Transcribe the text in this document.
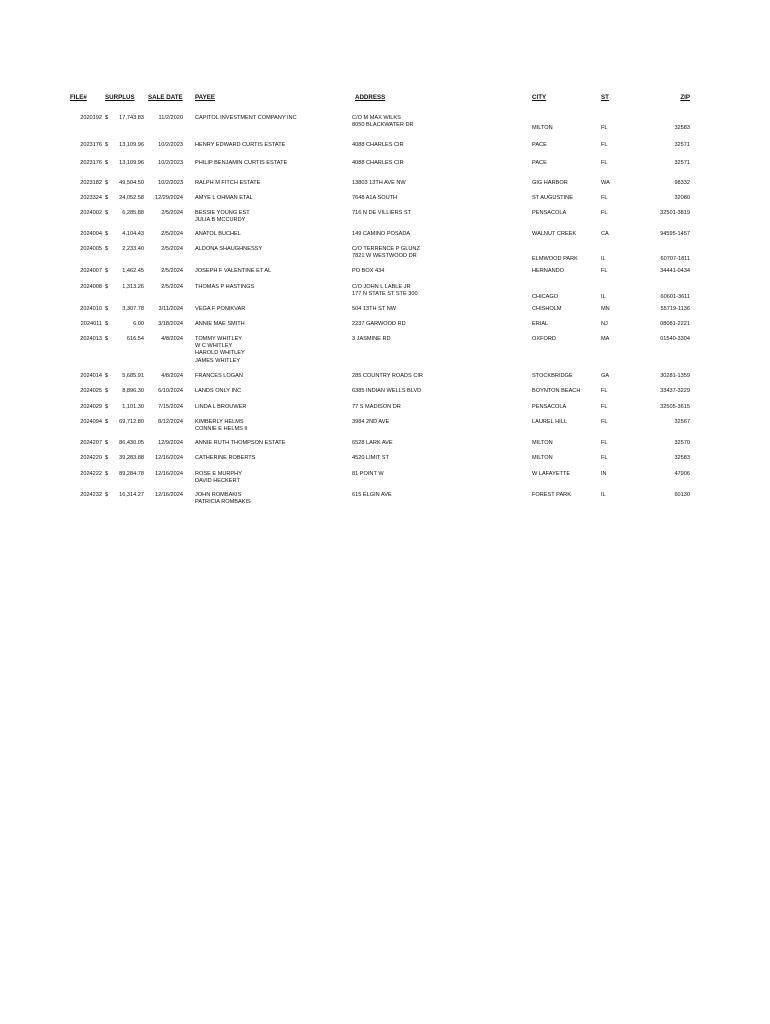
FILE#	SURPLUS SALE DATE PAYEE	ADDRESS	CITY	ST	ZIP
2020192 $	17,743.83	11/2/2020 CAPITOL INVESTMENT COMPANY INC	C/O M MAX WILKS
8050 BLACKWATER DR	MILTON	FL	32583
2023176 $	13,109.96	10/2/2023 HENRY EDWARD CURTIS ESTATE	4088 CHARLES CIR	PACE	FL	32571
2023176 $	13,109.96	10/2/2023 PHILIP BENJAMIN CURTIS ESTATE	4088 CHARLES CIR	PACE	FL	32571
2023182 $	49,504.50	10/2/2023 RALPH M FITCH ESTATE	13803 13TH AVE NW	GIG HARBOR	WA	98332
2023324 $	24,052.58	12/29/2024 AMYE L OHMAN ETAL	7648 A1A SOUTH	ST AUGUSTINE	FL	32080
2024002 $	6,285.88	2/5/2024 BESSIE YOUNG EST
JULIA B MCCURDY
716 N DE VILLIERS ST	PENSACOLA	FL	32501-3819
2024004 $	4,104.43	2/5/2024 ANATOL BUCHEL	149 CAMINO POSADA	WALNUT CREEK	CA	94595-1457
2024005 $	2,233.40	2/5/2024 ALDONA SHAUGHNESSY	C/O TERRENCE P GLUNZ
7821 W WESTWOOD DR	ELMWOOD PARK	IL	60707-1811
2024007 $	1,462.45	2/5/2024 JOSEPH F VALENTINE ET AL	PO BOX 434	HERNANDO	FL	34441-0434
2024008 $	1,313.26	2/5/2024 THOMAS P HASTINGS	C/O JOHN L LABLE JR
177 N STATE ST STE 300	CHICAGO	IL	60601-3611
2024010 $	3,307.78	3/11/2024 VEGA F PONIKVAR	504 13TH ST NW	CHISHOLM	MN	55719-1136
2024011 $	6.00	3/18/2024 ANNIE MAE SMITH	2237 GARWOOD RD	ERIAL	NJ	08081-2221
2024013 $	616.54	4/8/2024 TOMMY WHITLEY
W C WHITLEY
HAROLD WHITLEY
JAMES WHITLEY
3 JASMINE RD	OXFORD	MA	01540-3304
2024014 $	5,685.91	4/8/2024 FRANCES LOGAN	285 COUNTRY ROADS CIR	STOCKBRIDGE	GA	30281-1359
2024025 $	8,896.30	6/10/2024 LANDS ONLY INC	6385 INDIAN WELLS BLVD	BOYNTON BEACH	FL	33437-3229
2024029 $	1,101.30	7/15/2024 LINDA L BROUWER	77 S MADISON DR	PENSACOLA	FL	32505-3615
2024094 $	69,712.80	8/12/2024 KIMBERLY HELMS
CONNIE E HELMS II
3984 2ND AVE	LAUREL HILL	FL	32567
2024207 $	86,430.05	12/9/2024 ANNIE RUTH THOMPSON ESTATE	6528 LARK AVE	MILTON	FL	32570
2024220 $	39,283.88	12/16/2024 CATHERINE ROBERTS	4520 LIMIT ST	MILTON	FL	32583
2024222 $	89,284.78	12/16/2024 ROSE E MURPHY
DAVID HECKERT
81 POINT W	W LAFAYETTE	IN	47906
2024232 $	16,314.27	12/16/2024 JOHN ROMBAKIS
PATRICIA ROMBAKIS
615 ELGIN AVE	FOREST PARK	IL	60130
